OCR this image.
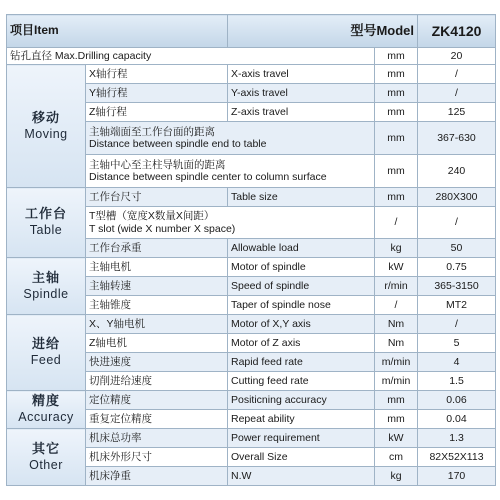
项目Item		型号Model		ZK4120
钻孔直径 Max.Drilling capacity			mm	20

移动
Moving	X轴行程	X-axis travel	mm	/
	Y轴行程	Y-axis travel	mm	/
	Z轴行程	Z-axis travel	mm	125

	主轴端面至工作台面的距离
Distance between spindle end to table		mm	367-630

	主轴中心至主柱导轨面的距离
Distance between spindle center to column surface		mm	240

工作台
Table	工作台尺寸	Table size	mm	280X300

	T型槽（宽度X数量X间距）
T slot (wide X number X space)		/	/
	工作台承重	Allowable load	kg	50

主轴
Spindle	主轴电机	Motor of spindle	kW	0.75
	主轴转速	Speed of spindle	r/min	365-3150
	主轴锥度	Taper of spindle nose	/	MT2

进给
Feed	X、Y轴电机	Motor of X,Y axis	Nm	/
	Z轴电机	Motor of Z axis	Nm	5
	快进速度	Rapid feed rate	m/min	4
	切削进给速度	Cutting feed rate	m/min	1.5

精度
Accuracy	定位精度	Positicning accuracy	mm	0.06
	重复定位精度	Repeat ability	mm	0.04

其它
Other	机床总功率	Power requirement	kW	1.3
	机床外形尺寸	Overall Size	cm	82X52X113
	机床净重	N.W	kg	170
